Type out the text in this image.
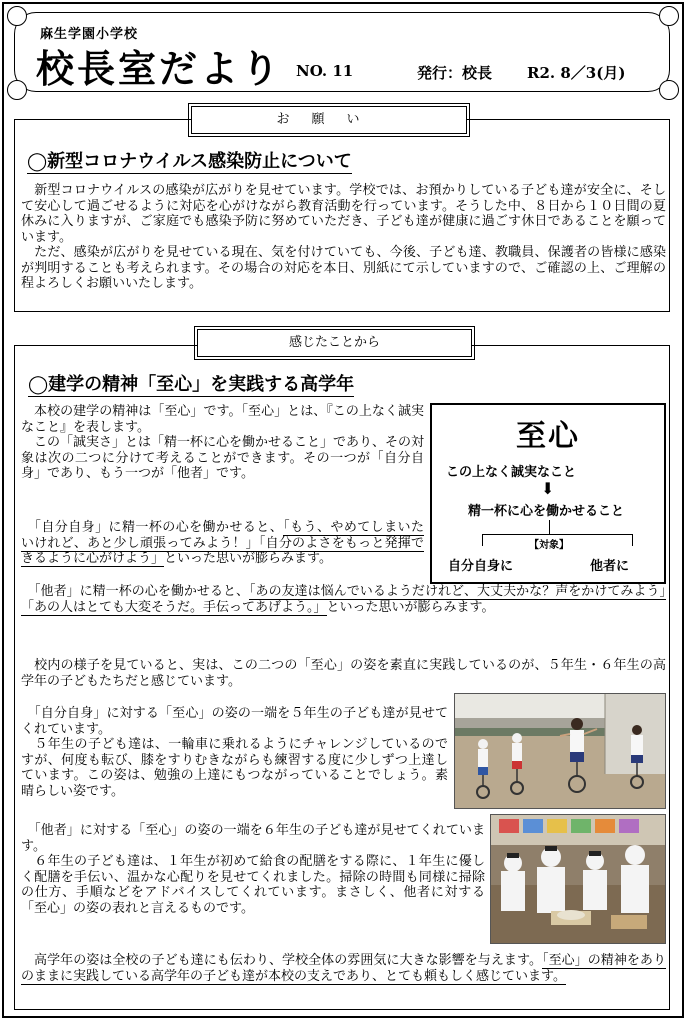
麻生学園小学校
校長室だより NO. 11	発行：校長 R2. 8／3(月)
お願い
◯新型コロナウイルス感染防止について
　新型コロナウイルスの感染が広がりを見せています。学校では、お預かりしている子ども達が安全に、そして安心して過ごせるように対応を心がけながら教育活動を行っています。そうした中、８日から１０日間の夏休みに入りますが、ご家庭でも感染予防に努めていただき、子ども達が健康に過ごす休日であることを願っています。
　ただ、感染が広がりを見せている現在、気を付けていても、今後、子ども達、教職員、保護者の皆様に感染が判明することも考えられます。その場合の対応を本日、別紙にて示していますので、ご確認の上、ご理解の程よろしくお願いいたします。
感じたことから
◯建学の精神「至心」を実践する高学年
　本校の建学の精神は「至心」です。「至心」とは、『この上なく誠実なこと』を表します。
　この「誠実さ」とは「精一杯に心を働かせること」であり、その対象は次の二つに分けて考えることができます。その一つが「自分自身」であり、もう一つが「他者」です。
　「自分自身」に精一杯の心を働かせると、「もう、やめてしまいたいけれど、あと少し頑張ってみよう！」「自分のよさをもっと発揮できるように心がけよう」といった思いが膨らみます。
　「他者」に精一杯の心を働かせると、「あの友達は悩んでいるようだけれど、大丈夫かな？声をかけてみよう」「あの人はとても大変そうだ。手伝ってあげよう。」といった思いが膨らみます。
　校内の様子を見ていると、実は、この二つの「至心」の姿を素直に実践しているのが、５年生・６年生の高学年の子どもたちだと感じています。
　「自分自身」に対する「至心」の姿の一端を５年生の子ども達が見せてくれています。
　５年生の子ども達は、一輪車に乗れるようにチャレンジしているのですが、何度も転び、膝をすりむきながらも練習する度に少しずつ上達しています。この姿は、勉強の上達にもつながっていることでしょう。素晴らしい姿です。
　「他者」に対する「至心」の姿の一端を６年生の子ども達が見せてくれています。
　６年生の子ども達は、１年生が初めて給食の配膳をする際に、１年生に優しく配膳を手伝い、温かな心配りを見せてくれました。掃除の時間も同様に掃除の仕方、手順などをアドバイスしてくれています。まさしく、他者に対する「至心」の姿の表れと言えるものです。
　高学年の姿は全校の子ども達にも伝わり、学校全体の雰囲気に大きな影響を与えます。「至心」の精神をありのままに実践している高学年の子ども達が本校の支えであり、とても頼もしく感じています。
至心
この上なく誠実なこと
⬇
精一杯に心を働かせること
【対象】
自分自身に	他者に
